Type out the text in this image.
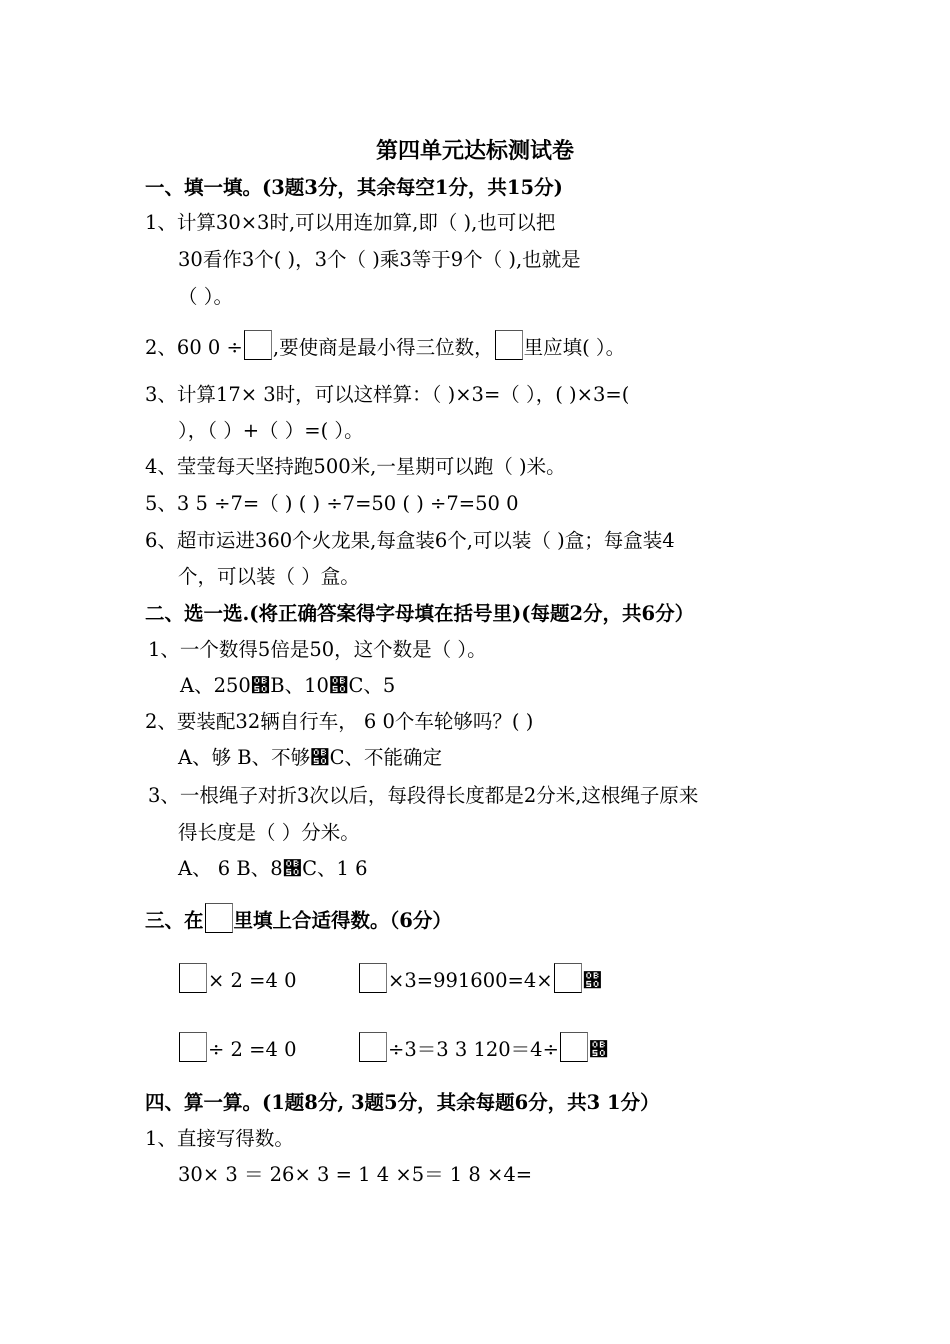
第四单元达标测试卷
一、填一填。(3题3分，其余每空1分，共15分)
1、计算30×3时,可以用连加算,即（ ),也可以把
30看作3个( )，3个（ )乘3等于9个（ ),也就是
（ ）。
2、60 0 ÷ ,要使商是最小得三位数， 里应填( ）。
3、计算17× 3时，可以这样算：（ )×3=（ ），( )×3=(
），（ ）+（ ）=( ）。
4、莹莹每天坚持跑500米,一星期可以跑（ )米。
5、3 5 ÷7=（ ) ( ) ÷7=50 ( ) ÷7=50 0
6、超市运进360个火龙果,每盒装6个,可以装（ )盒；每盒装4
个，可以装（ ）盒。
二、选一选.(将正确答案得字母填在括号里)(每题2分，共6分）
1、一个数得5倍是50，这个数是（ ）。
A、250୐B、10୐C、5
2、要装配32辆自行车， 6 0个车轮够吗？( )
A、够 B、不够୐C、不能确定
3、一根绳子对折3次以后，每段得长度都是2分米,这根绳子原来
得长度是（ ）分米。
A、 6 B、8୐C、1 6
三、在 里填上合适得数。（6分）
× 2 =4 0	×3=991600=4× ୐
÷ 2 =4 0	÷3＝3 3 120＝4÷ ୐
四、算一算。(1题8分, 3题5分，其余每题6分，共3 1分）
1、直接写得数。
30× 3 ＝ 26× 3 = 1 4 ×5＝ 1 8 ×4=
